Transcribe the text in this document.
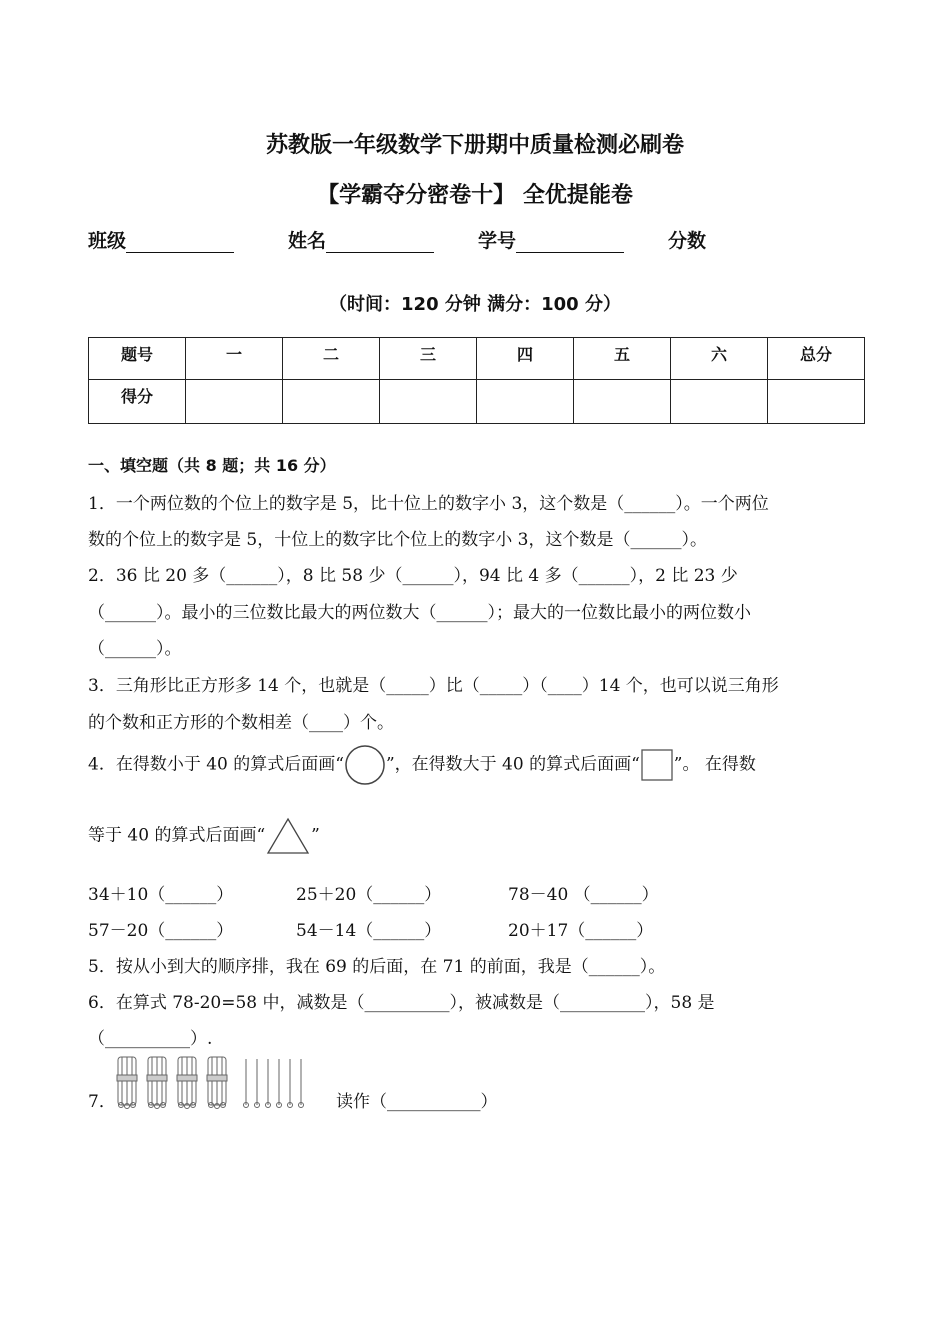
苏教版一年级数学下册期中质量检测必刷卷
【学霸夺分密卷十】 全优提能卷
班级	姓名	学号	分数
（时间：120 分钟 满分：100 分）
题号	一	二	三	四	五	六	总分
得分							
一、填空题（共 8 题；共 16 分）
1．一个两位数的个位上的数字是 5，比十位上的数字小 3，这个数是（______）。一个两位
数的个位上的数字是 5，十位上的数字比个位上的数字小 3，这个数是（______）。
2．36 比 20 多（______），8 比 58 少（______），94 比 4 多（______），2 比 23 少
（______）。最小的三位数比最大的两位数大（______）；最大的一位数比最小的两位数小
（______）。
3．三角形比正方形多 14 个，也就是（_____）比（_____）（____）14 个，也可以说三角形
的个数和正方形的个数相差（____）个。
4．在得数小于 40 的算式后面画“ ”，在得数大于 40 的算式后面画“ ”。 在得数
等于 40 的算式后面画“	”
34＋10（______）	25＋20（______）	78－40 （______）
57－20（______）	54－14（______）	20＋17（______）
5．按从小到大的顺序排，我在 69 的后面，在 71 的前面，我是（______）。
6．在算式 78-20=58 中，减数是（__________），被减数是（__________），58 是
（__________）.
7．	读作（___________）
